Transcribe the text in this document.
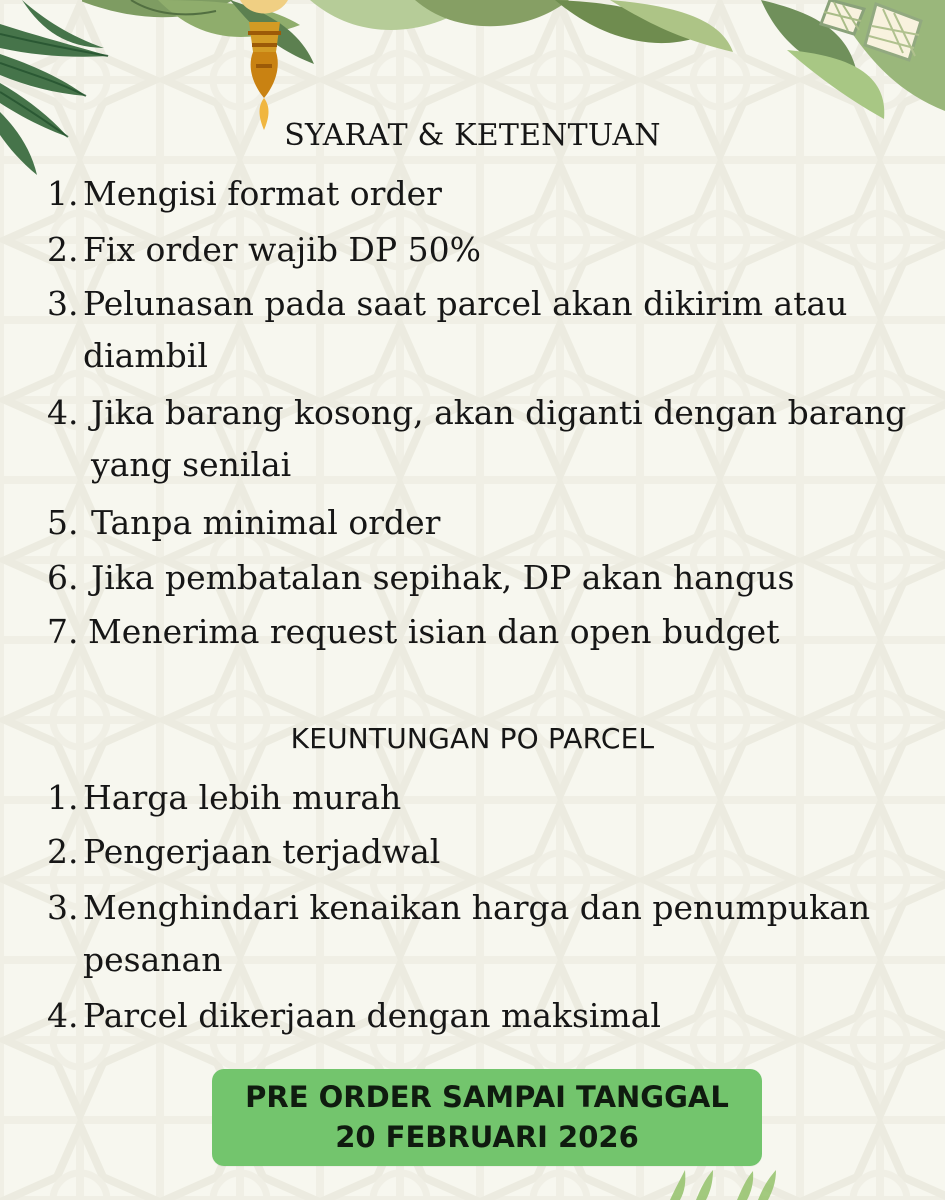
SYARAT & KETENTUAN
1. Mengisi format order
2. Fix order wajib DP 50%
3. Pelunasan pada saat parcel akan dikirim atau diambil
4. Jika barang kosong, akan diganti dengan barang yang senilai
5. Tanpa minimal order
6. Jika pembatalan sepihak, DP akan hangus
7. Menerima request isian dan open budget
KEUNTUNGAN PO PARCEL
1. Harga lebih murah
2. Pengerjaan terjadwal
3. Menghindari kenaikan harga dan penumpukan pesanan
4. Parcel dikerjaan dengan maksimal
PRE ORDER SAMPAI TANGGAL
20 FEBRUARI 2026
